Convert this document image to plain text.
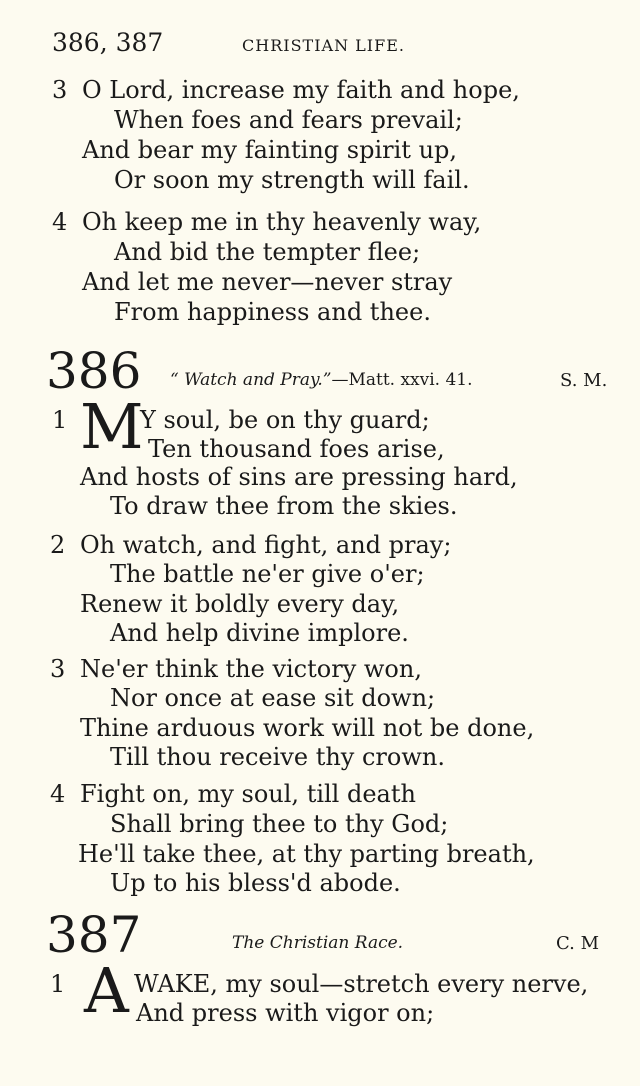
386, 387	CHRISTIAN LIFE.
3 O Lord, increase my faith and hope,
When foes and fears prevail;
And bear my fainting spirit up,
Or soon my strength will fail.
4 Oh keep me in thy heavenly way,
And bid the tempter flee;
And let me never—never stray
From happiness and thee.
386 “ Watch and Pray.”—Matt. xxvi. 41.	S. M.
1 M
Y soul, be on thy guard;
Ten thousand foes arise,
And hosts of sins are pressing hard,
To draw thee from the skies.
2 Oh watch, and fight, and pray;
The battle ne'er give o'er;
Renew it boldly every day,
And help divine implore.
3 Ne'er think the victory won,
Nor once at ease sit down;
Thine arduous work will not be done,
Till thou receive thy crown.
4 Fight on, my soul, till death
Shall bring thee to thy God;
He'll take thee, at thy parting breath,
Up to his bless'd abode.
387	The Christian Race.	C. M
1 A WAKE, my soul—stretch every nerve,
And press with vigor on;
